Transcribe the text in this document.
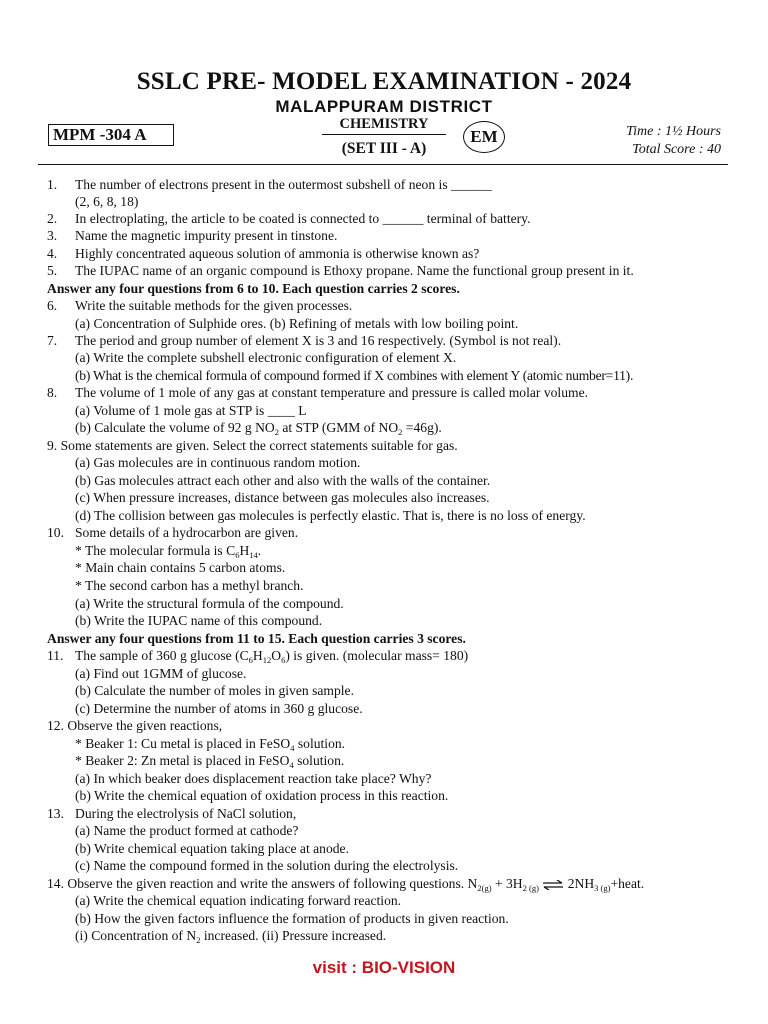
SSLC PRE- MODEL EXAMINATION - 2024
MALAPPURAM DISTRICT
MPM -304 A
CHEMISTRY
(SET III - A)
EM	Time : 1½ Hours
Total Score : 40
1. The number of electrons present in the outermost subshell of neon is ______
(2, 6, 8, 18)
2. In electroplating, the article to be coated is connected to ______ terminal of battery.
3. Name the magnetic impurity present in tinstone.
4. Highly concentrated aqueous solution of ammonia is otherwise known as?
5. The IUPAC name of an organic compound is Ethoxy propane. Name the functional group present in it.
Answer any four questions from 6 to 10. Each question carries 2 scores.
6. Write the suitable methods for the given processes.
(a) Concentration of Sulphide ores. (b) Refining of metals with low boiling point.
7. The period and group number of element X is 3 and 16 respectively. (Symbol is not real).
(a) Write the complete subshell electronic configuration of element X.
(b) What is the chemical formula of compound formed if X combines with element Y (atomic number=11).
8. The volume of 1 mole of any gas at constant temperature and pressure is called molar volume.
(a) Volume of 1 mole gas at STP is ____ L
(b) Calculate the volume of 92 g $NO_2$ at STP (GMM of $NO_2 =46g$).
9. Some statements are given. Select the correct statements suitable for gas.
(a) Gas molecules are in continuous random motion.
(b) Gas molecules attract each other and also with the walls of the container.
(c) When pressure increases, distance between gas molecules also increases.
(d) The collision between gas molecules is perfectly elastic. That is, there is no loss of energy.
10. Some details of a hydrocarbon are given.
* The molecular formula is $C_6H_{14}$.
* Main chain contains 5 carbon atoms.
* The second carbon has a methyl branch.
(a) Write the structural formula of the compound.
(b) Write the IUPAC name of this compound.
Answer any four questions from 11 to 15. Each question carries 3 scores.
11. The sample of 360 g glucose $(C_6H_{12}O_6)$ is given. (molecular mass= 180)
(a) Find out 1GMM of glucose.
(b) Calculate the number of moles in given sample.
(c) Determine the number of atoms in 360 g glucose.
12. Observe the given reactions,
* Beaker 1: Cu metal is placed in FeSO$_4$ solution.
* Beaker 2: Zn metal is placed in FeSO$_4$ solution.
(a) In which beaker does displacement reaction take place? Why?
(b) Write the chemical equation of oxidation process in this reaction.
13. During the electrolysis of NaCl solution,
(a) Name the product formed at cathode?
(b) Write chemical equation taking place at anode.
(c) Name the compound formed in the solution during the electrolysis.
14. Observe the given reaction and write the answers of following questions. $N_{2(g)} + 3H_{2 (g)}$ ⇌ $2NH_{3 (g)}+heat$.
(a) Write the chemical equation indicating forward reaction.
(b) How the given factors influence the formation of products in given reaction.
(i) Concentration of $N_2$ increased. (ii) Pressure increased.
visit : BIO-VISION
